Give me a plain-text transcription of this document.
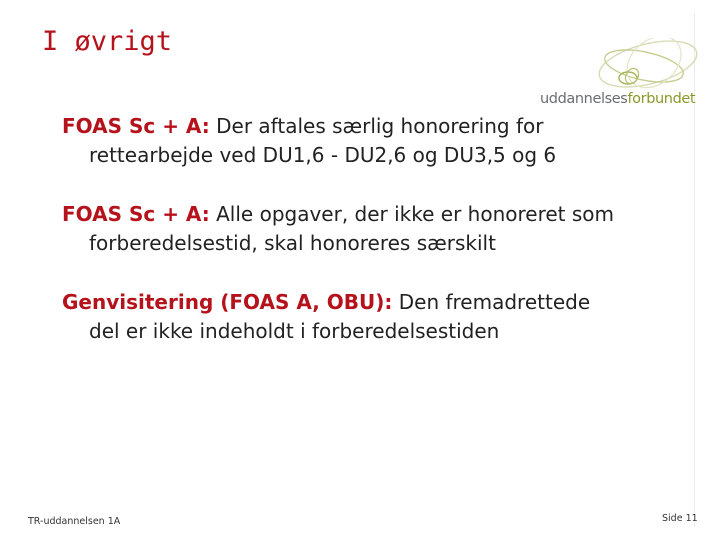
I øvrigt
uddannelsesforbundet
FOAS Sc + A: Der aftales særlig honorering for rettearbejde ved DU1,6 - DU2,6 og DU3,5 og 6
FOAS Sc + A: Alle opgaver, der ikke er honoreret som forberedelsestid, skal honoreres særskilt
Genvisitering (FOAS A, OBU): Den fremadrettede del er ikke indeholdt i forberedelsestiden
TR-uddannelsen 1A	Side 11
